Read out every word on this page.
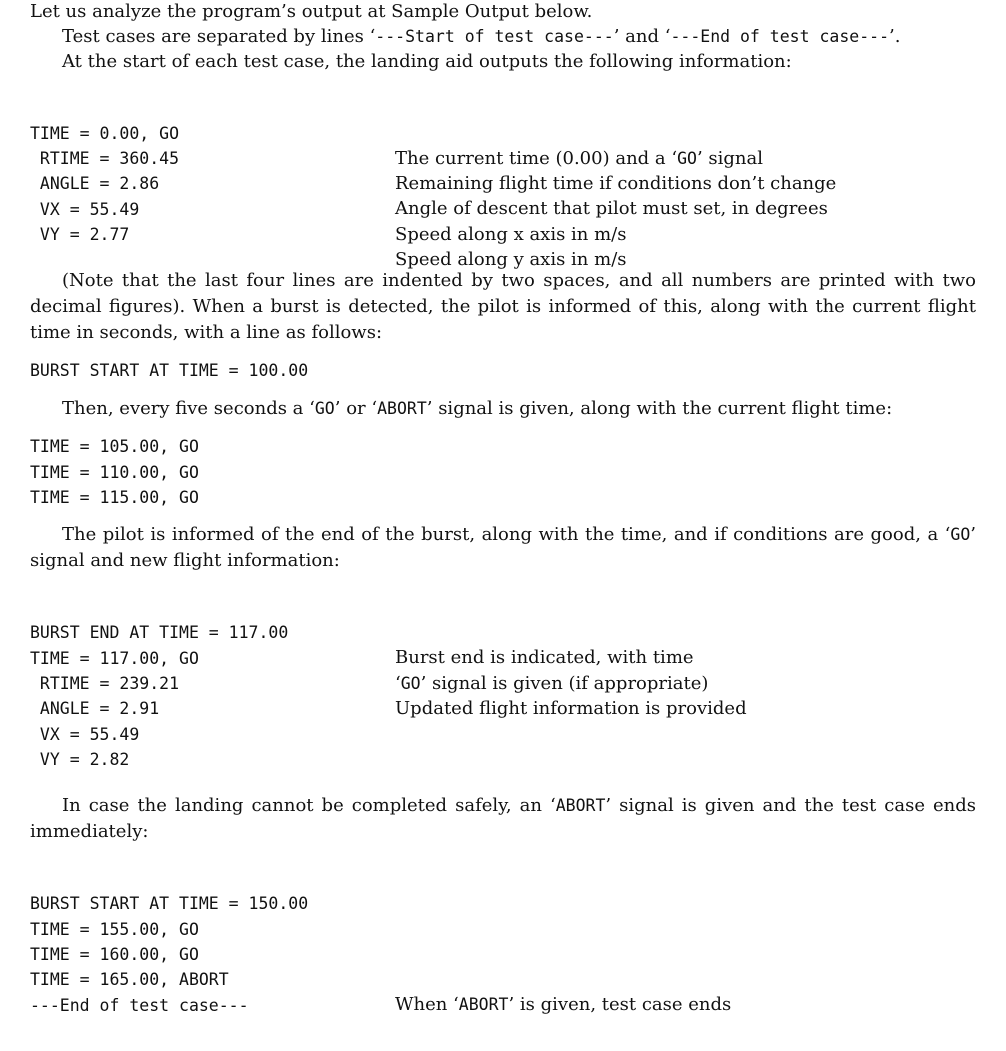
Let us analyze the program’s output at Sample Output below.
Test cases are separated by lines ‘---Start of test case---’ and ‘---End of test case---’.
At the start of each test case, the landing aid outputs the following information:

TIME = 0.00, GO

The current time (0.00) and a ‘GO’ signal

RTIME = 360.45

Remaining flight time if conditions don’t change

ANGLE = 2.86

Angle of descent that pilot must set, in degrees

VX = 55.49

Speed along x axis in m/s

VY = 2.77

Speed along y axis in m/s

(Note that the last four lines are indented by two spaces, and all numbers are printed with two decimal figures). When a burst is detected, the pilot is informed of this, along with the current flight time in seconds, with a line as follows:

BURST START AT TIME = 100.00
Then, every five seconds a ‘GO’ or ‘ABORT’ signal is given, along with the current flight time:
TIME = 105.00, GO
TIME = 110.00, GO
TIME = 115.00, GO

The pilot is informed of the end of the burst, along with the time, and if conditions are good, a ‘GO’ signal and new flight information:

BURST END AT TIME = 117.00

Burst end is indicated, with time

TIME = 117.00, GO

‘GO’ signal is given (if appropriate)

RTIME = 239.21

Updated flight information is provided

ANGLE = 2.91

VX = 55.49

VY = 2.82

In case the landing cannot be completed safely, an ‘ABORT’ signal is given and the test case ends immediately:

BURST START AT TIME = 150.00

TIME = 155.00, GO

TIME = 160.00, GO

TIME = 165.00, ABORT

When ‘ABORT’ is given, test case ends

---End of test case---
